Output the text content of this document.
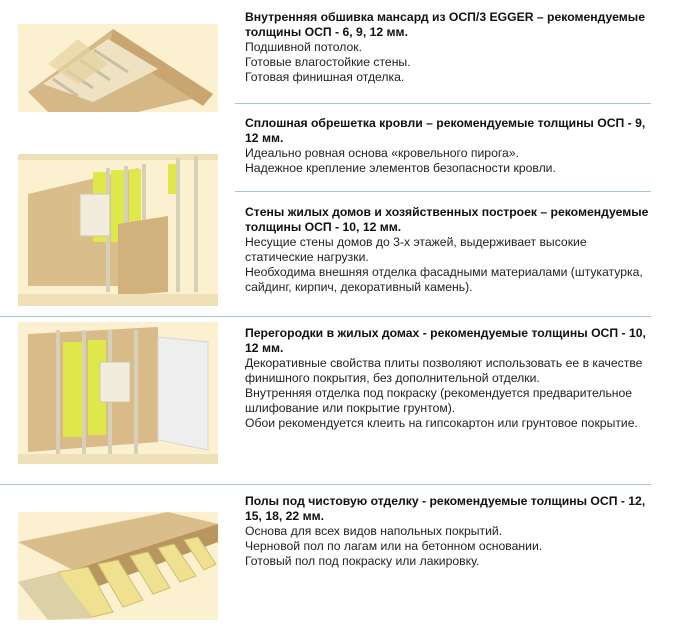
Внутренняя обшивка мансард из ОСП/3 EGGER – рекомендуемые толщины ОСП - 6, 9, 12 мм.
Подшивной потолок.
Готовые влагостойкие стены.
Готовая финишная отделка.
Сплошная обрешетка кровли – рекомендуемые толщины ОСП - 9, 12 мм.
Идеально ровная основа «кровельного пирога».
Надежное крепление элементов безопасности кровли.
Стены жилых домов и хозяйственных построек – рекомендуемые толщины ОСП - 10, 12 мм.
Несущие стены домов до 3-х этажей, выдерживает высокие статические нагрузки.
Необходима внешняя отделка фасадными материалами (штукатурка, сайдинг, кирпич, декоративный камень).
Перегородки в жилых домах - рекомендуемые толщины ОСП - 10, 12 мм.
Декоративные свойства плиты позволяют использовать ее в качестве финишного покрытия, без дополнительной отделки.
Внутренняя отделка под покраску (рекомендуется предварительное шлифование или покрытие грунтом).
Обои рекомендуется клеить на гипсокартон или грунтовое покрытие.
Полы под чистовую отделку - рекомендуемые толщины ОСП - 12, 15, 18, 22 мм.
Основа для всех видов напольных покрытий.
Черновой пол по лагам или на бетонном основании.
Готовый пол под покраску или лакировку.
